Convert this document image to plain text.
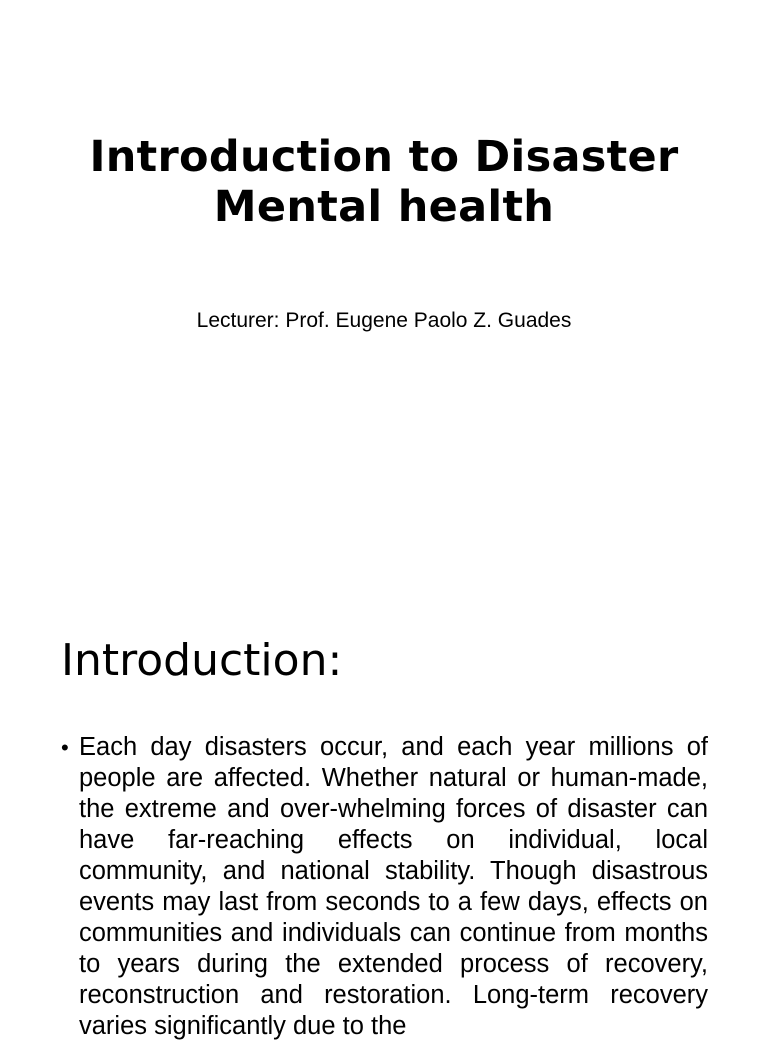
Introduction to Disaster
Mental health
Lecturer: Prof. Eugene Paolo Z. Guades
Introduction:
• Each day disasters occur, and each year millions of people are affected. Whether natural or human-made, the extreme and over-whelming forces of disaster can have far-reaching effects on individual, local community, and national stability. Though disastrous events may last from seconds to a few days, effects on communities and individuals can continue from months to years during the extended process of recovery, reconstruction and restoration. Long-term recovery varies significantly due to the
